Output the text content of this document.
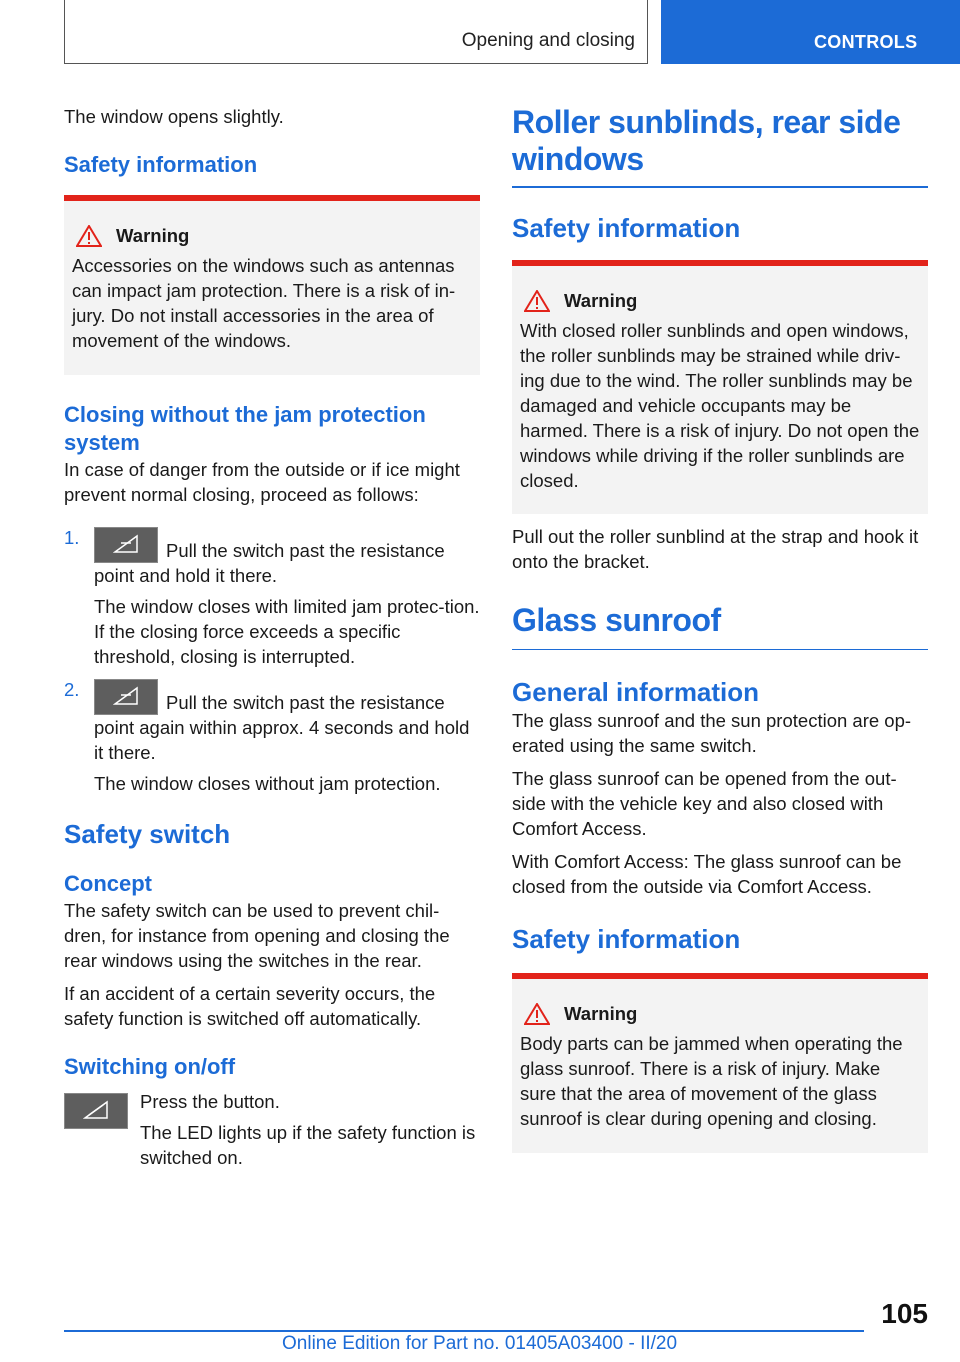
Opening and closing	CONTROLS

The window opens slightly.

Safety information
Warning

Accessories on the windows such as antennas can impact jam protection. There is a risk of in-jury. Do not install accessories in the area of movement of the windows.

Closing without the jam protection system

In case of danger from the outside or if ice might prevent normal closing, proceed as follows:

1.

Pull the switch past the resistance point and hold it there.

The window closes with limited jam protec-tion. If the closing force exceeds a specific threshold, closing is interrupted.

2.

Pull the switch past the resistance point again within approx. 4 seconds and hold it there.

The window closes without jam protection.

Safety switch
Concept

The safety switch can be used to prevent chil-dren, for instance from opening and closing the rear windows using the switches in the rear.

If an accident of a certain severity occurs, the safety function is switched off automatically.

Switching on/off

Press the button.

The LED lights up if the safety function is switched on.

Roller sunblinds, rear side windows
Safety information
Warning

With closed roller sunblinds and open windows, the roller sunblinds may be strained while driv-ing due to the wind. The roller sunblinds may be damaged and vehicle occupants may be harmed. There is a risk of injury. Do not open the windows while driving if the roller sunblinds are closed.

Pull out the roller sunblind at the strap and hook it onto the bracket.

Glass sunroof
General information

The glass sunroof and the sun protection are op-erated using the same switch.

The glass sunroof can be opened from the out-side with the vehicle key and also closed with Comfort Access.

With Comfort Access: The glass sunroof can be closed from the outside via Comfort Access.

Safety information
Warning

Body parts can be jammed when operating the glass sunroof. There is a risk of injury. Make sure that the area of movement of the glass sunroof is clear during opening and closing.

105
Online Edition for Part no. 01405A03400 - II/20
